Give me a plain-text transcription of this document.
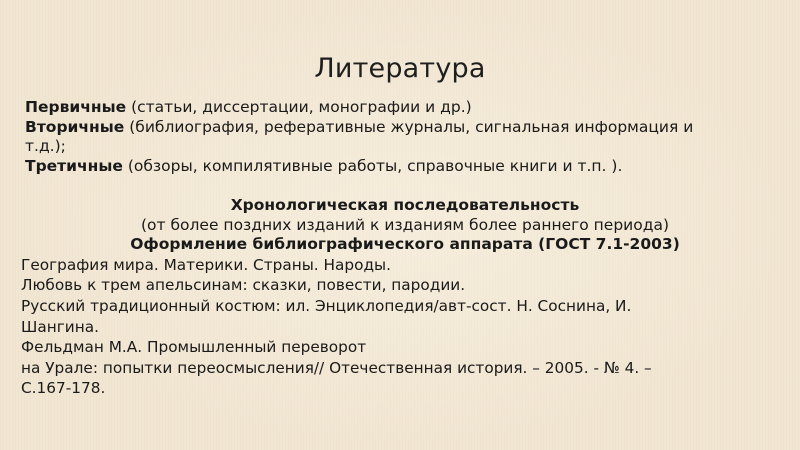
Литература
Первичные (статьи, диссертации, монографии и др.)
Вторичные (библиография, реферативные журналы, сигнальная информация и
т.д.);
Третичные (обзоры, компилятивные работы, справочные книги и т.п. ).
Хронологическая последовательность
(от более поздних изданий к изданиям более раннего периода)
Оформление библиографического аппарата (ГОСТ 7.1-2003)
География мира. Материки. Страны. Народы.
Любовь к трем апельсинам: сказки, повести, пародии.
Русский традиционный костюм: ил. Энциклопедия/авт-сост. Н. Соснина, И.
Шангина.
Фельдман М.А. Промышленный переворот
на Урале: попытки переосмысления// Отечественная история. – 2005. - № 4. –
С.167-178.
